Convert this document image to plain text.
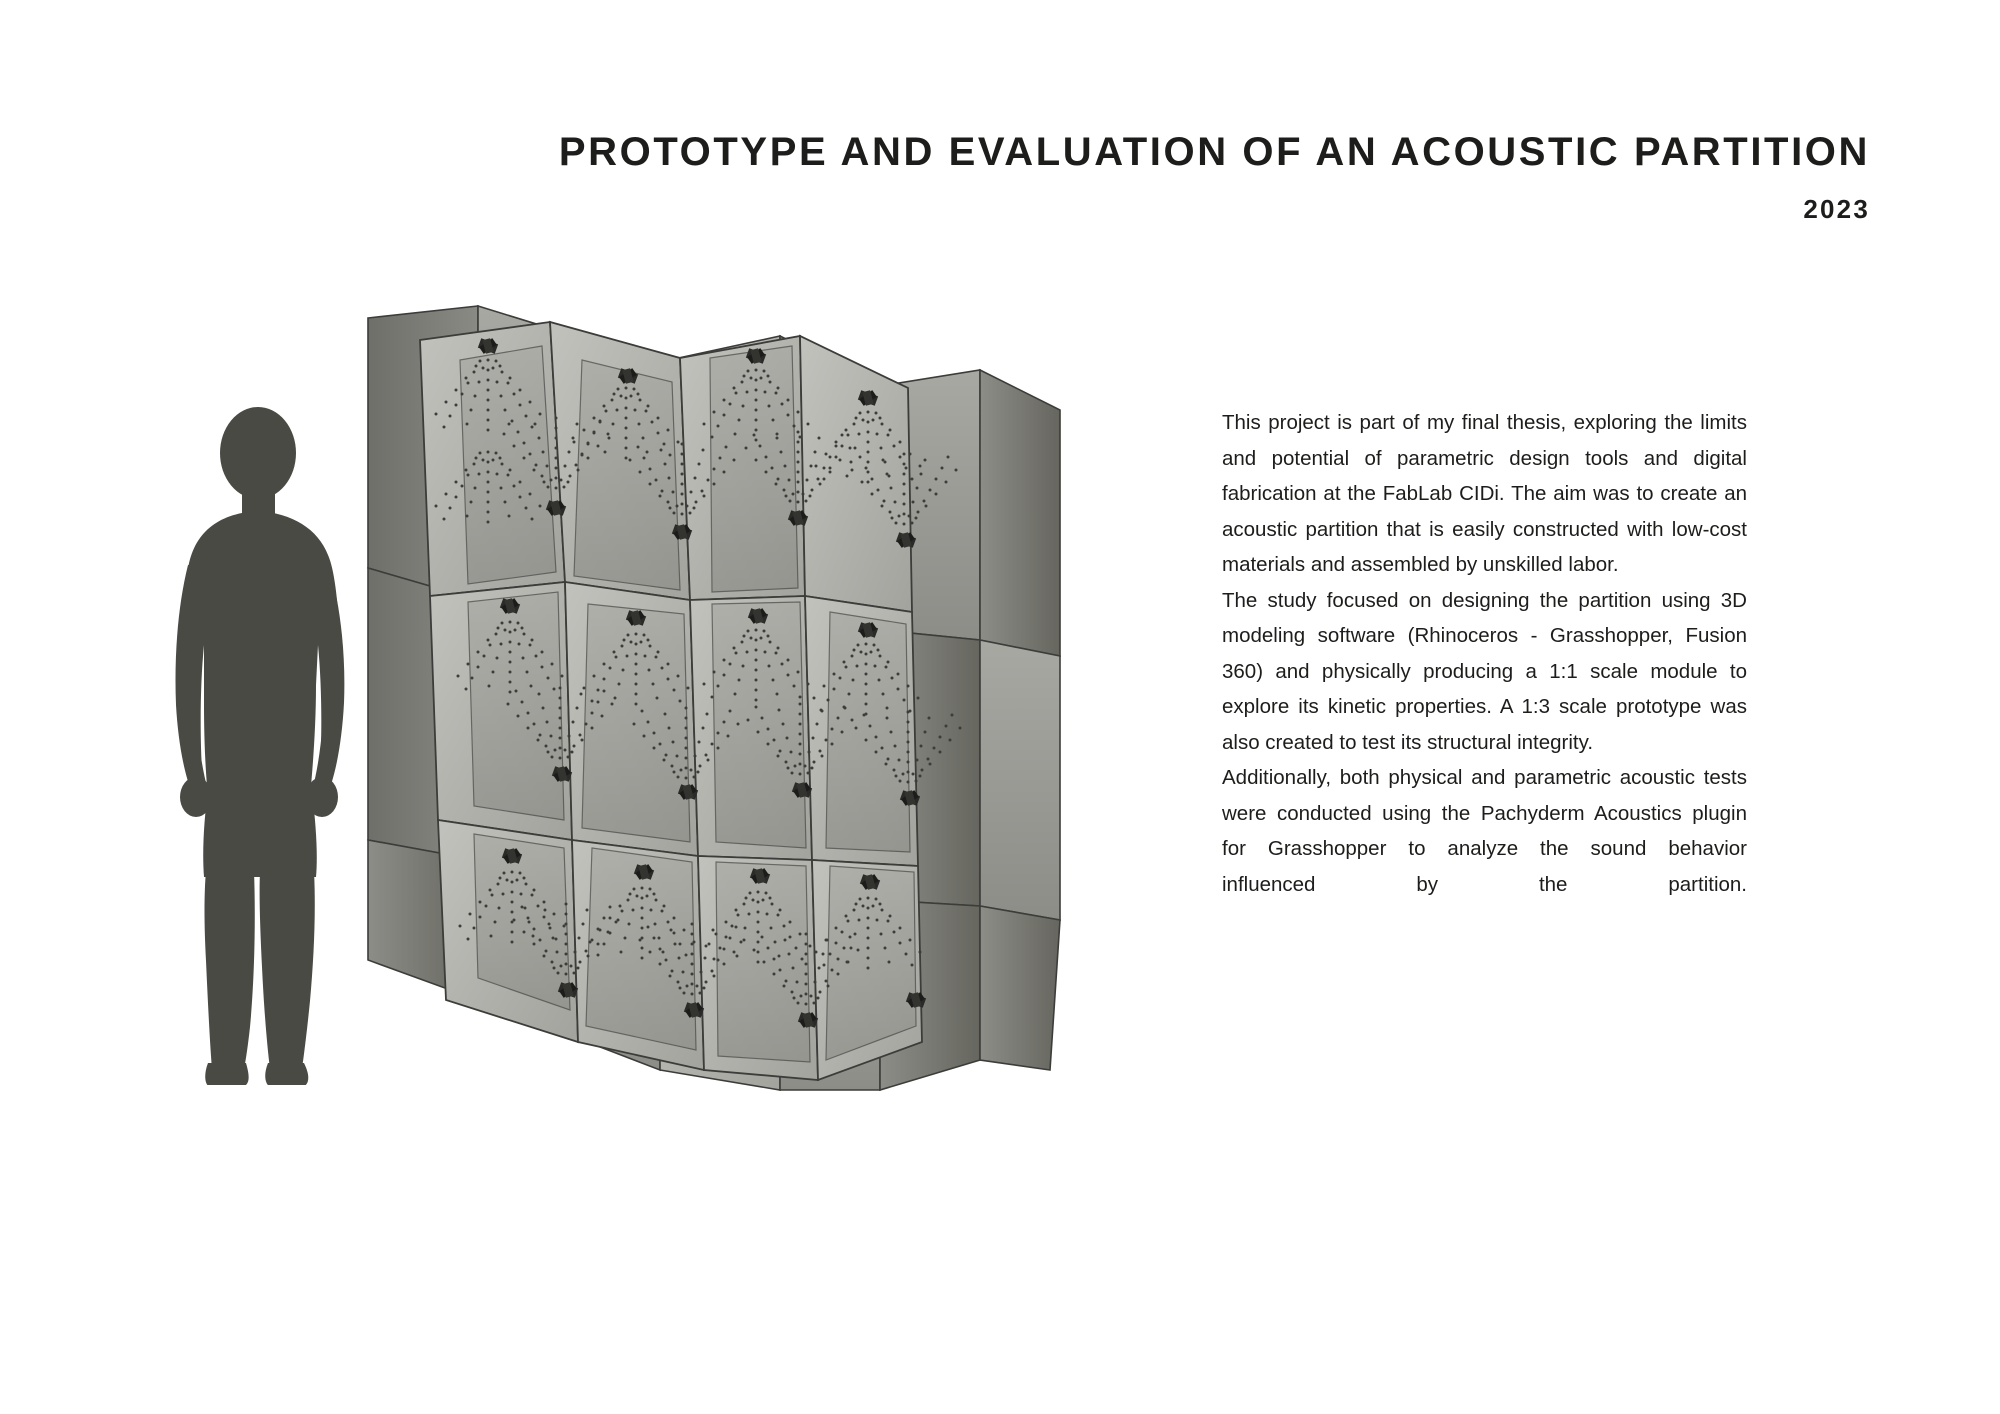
PROTOTYPE AND EVALUATION OF AN ACOUSTIC PARTITION
2023

This project is part of my final thesis, exploring the limits and potential of parametric design tools and digital fabrication at the FabLab CIDi. The aim was to create an acoustic partition that is easily constructed with low-cost materials and assembled by unskilled labor.

The study focused on designing the partition using 3D modeling software (Rhinoceros - Grasshopper, Fusion 360) and physically producing a 1:1 scale module to explore its kinetic properties. A 1:3 scale prototype was also created to test its structural integrity.

Additionally, both physical and parametric acoustic tests were conducted using the Pachyderm Acoustics plugin for Grasshopper to analyze the sound behavior influenced by the partition.
